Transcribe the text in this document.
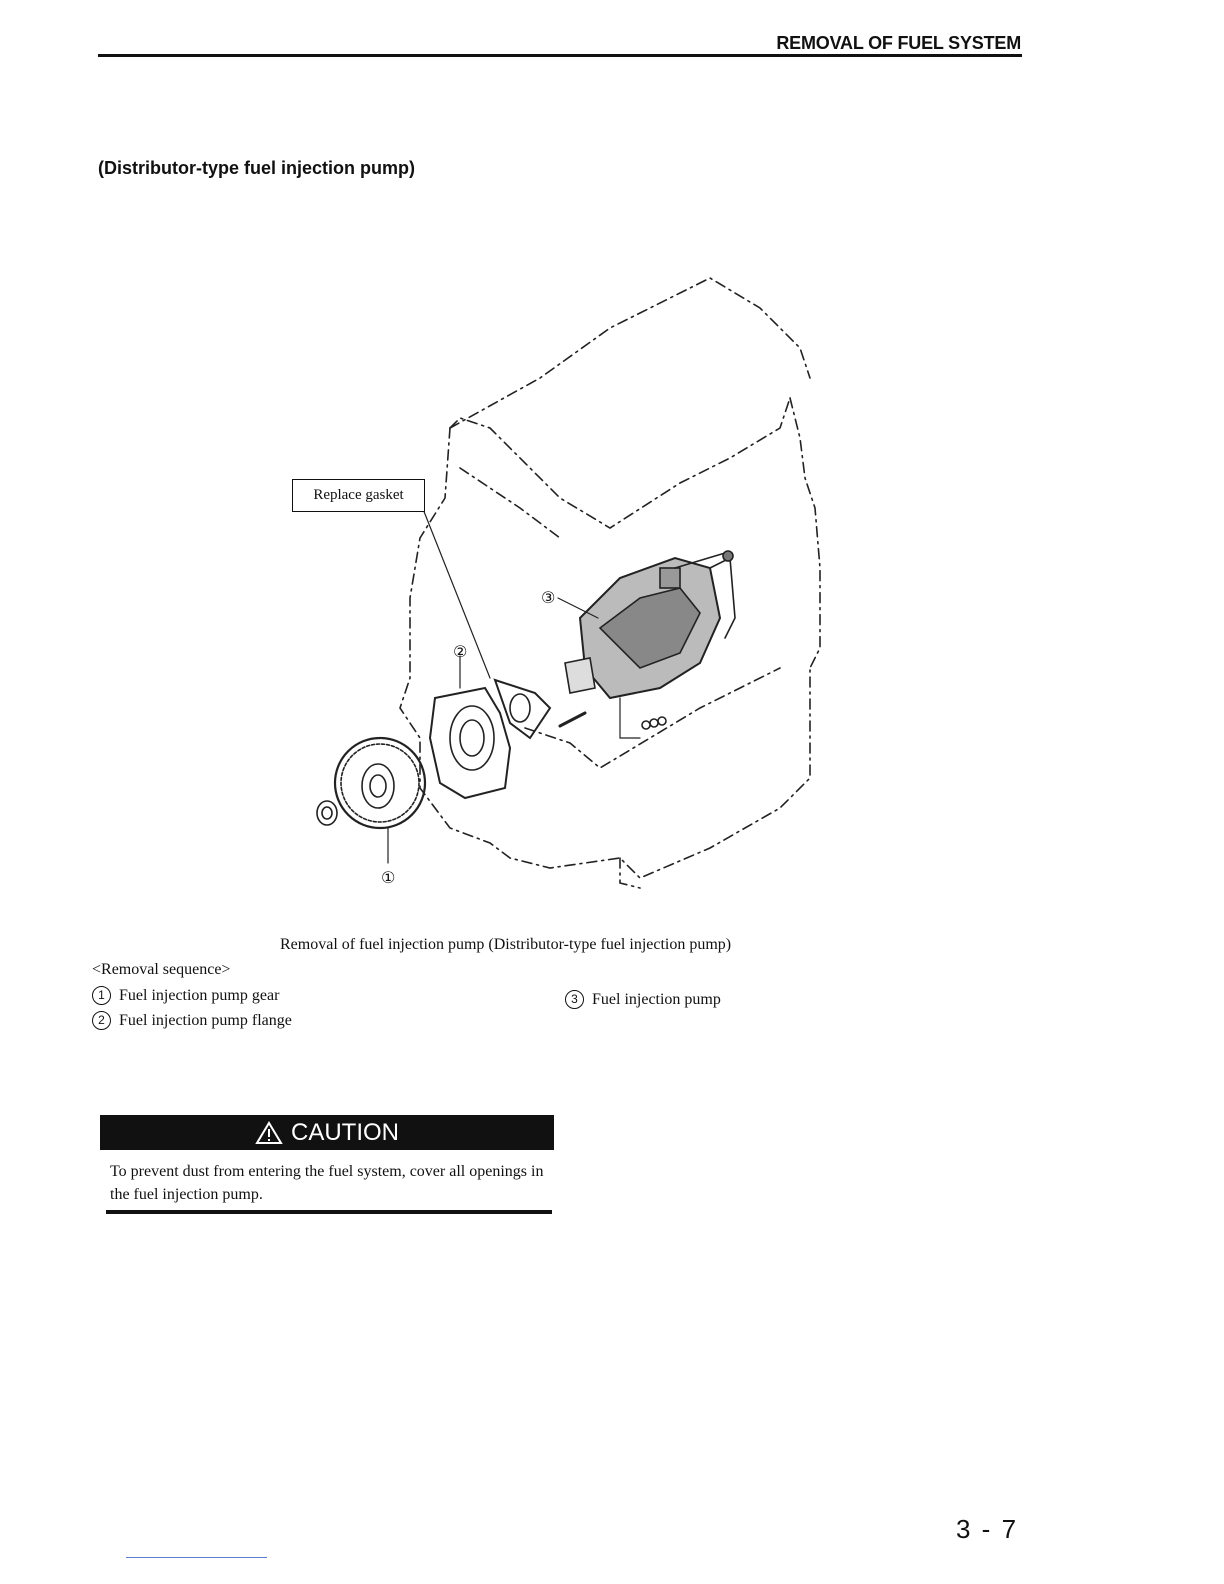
REMOVAL OF FUEL SYSTEM
(Distributor-type fuel injection pump)
①
②
③
Replace gasket
Removal of fuel injection pump (Distributor-type fuel injection pump)
<Removal sequence>
1 Fuel injection pump gear
2 Fuel injection pump flange
3 Fuel injection pump
CAUTION
To prevent dust from entering the fuel system, cover all openings in the fuel injection pump.
3 - 7
